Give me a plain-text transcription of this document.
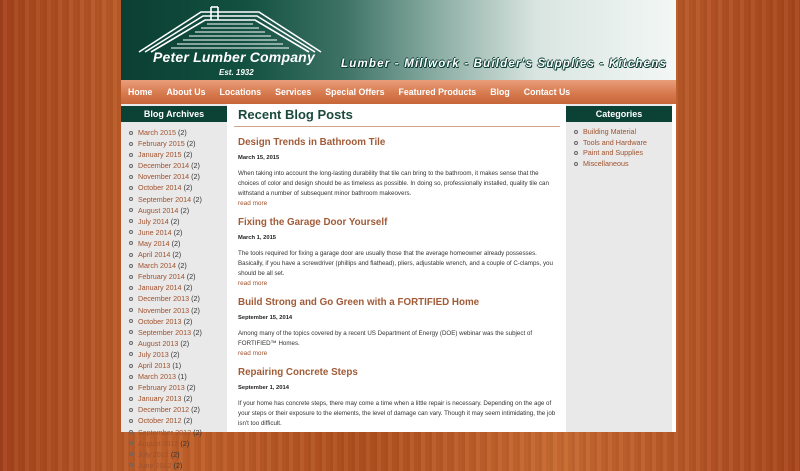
Peter Lumber Company
Est. 1932
Lumber - Millwork - Builder's Supplies - Kitchens
Home About Us Locations Services Special Offers Featured Products Blog Contact Us
Blog Archives
March 2015 (2)
February 2015 (2)
January 2015 (2)
December 2014 (2)
November 2014 (2)
October 2014 (2)
September 2014 (2)
August 2014 (2)
July 2014 (2)
June 2014 (2)
May 2014 (2)
April 2014 (2)
March 2014 (2)
February 2014 (2)
January 2014 (2)
December 2013 (2)
November 2013 (2)
October 2013 (2)
September 2013 (2)
August 2013 (2)
July 2013 (2)
April 2013 (1)
March 2013 (1)
February 2013 (2)
January 2013 (2)
December 2012 (2)
October 2012 (2)
September 2012 (2)
August 2012 (2)
July 2012 (2)
June 2012 (2)
Recent Blog Posts
Design Trends in Bathroom Tile
March 15, 2015
When taking into account the long-lasting durability that tile can bring to the bathroom, it makes sense that the choices of color and design should be as timeless as possible. In doing so, professionally installed, quality tile can withstand a number of subsequent minor bathroom makeovers.
read more
Fixing the Garage Door Yourself
March 1, 2015
The tools required for fixing a garage door are usually those that the average homeowner already possesses. Basically, if you have a screwdriver (phillips and flathead), pliers, adjustable wrench, and a couple of C-clamps, you should be all set.
read more
Build Strong and Go Green with a FORTIFIED Home
September 15, 2014
Among many of the topics covered by a recent US Department of Energy (DOE) webinar was the subject of FORTIFIED™ Homes.
read more
Repairing Concrete Steps
September 1, 2014
If your home has concrete steps, there may come a time when a little repair is necessary. Depending on the age of your steps or their exposure to the elements, the level of damage can vary. Though it may seem intimidating, the job isn't too difficult.
Categories
Building Material
Tools and Hardware
Paint and Supplies
Miscellaneous
